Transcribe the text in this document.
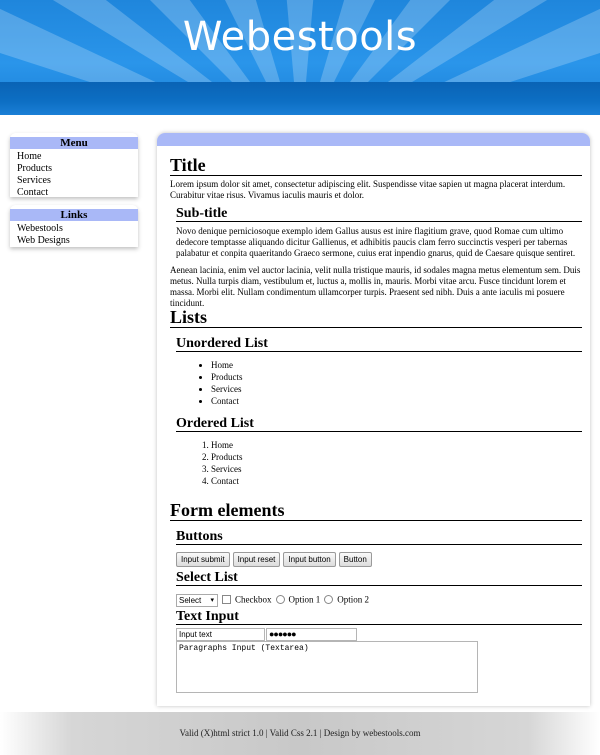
Webestools
Menu
Home
Products
Services
Contact
Links
Webestools
Web Designs
Title

Lorem ipsum dolor sit amet, consectetur adipiscing elit. Suspendisse vitae sapien ut magna placerat interdum. Curabitur vitae risus. Vivamus iaculis mauris et dolor.

Sub-title

Novo denique perniciosoque exemplo idem Gallus ausus est inire flagitium grave, quod Romae cum ultimo dedecore temptasse aliquando dicitur Gallienus, et adhibitis paucis clam ferro succinctis vesperi per tabernas palabatur et conpita quaeritando Graeco sermone, cuius erat inpendio gnarus, quid de Caesare quisque sentiret.

Aenean lacinia, enim vel auctor lacinia, velit nulla tristique mauris, id sodales magna metus elementum sem. Duis metus. Nulla turpis diam, vestibulum et, luctus a, mollis in, mauris. Morbi vitae arcu. Fusce tincidunt lorem et massa. Morbi elit. Nullam condimentum ullamcorper turpis. Praesent sed nibh. Duis a ante iaculis mi posuere tincidunt.

Lists
Unordered List
• Home
• Products
• Services
• Contact
Ordered List
1. Home
2. Products
3. Services
4. Contact
Form elements
Buttons
Input submit Input reset Input button Button
Select List
Select ▾ Checkbox Option 1 Option 2
Text Input
Input text	●●●●●●
Paragraphs Input (Textarea)
Valid (X)html strict 1.0 | Valid Css 2.1 | Design by webestools.com
